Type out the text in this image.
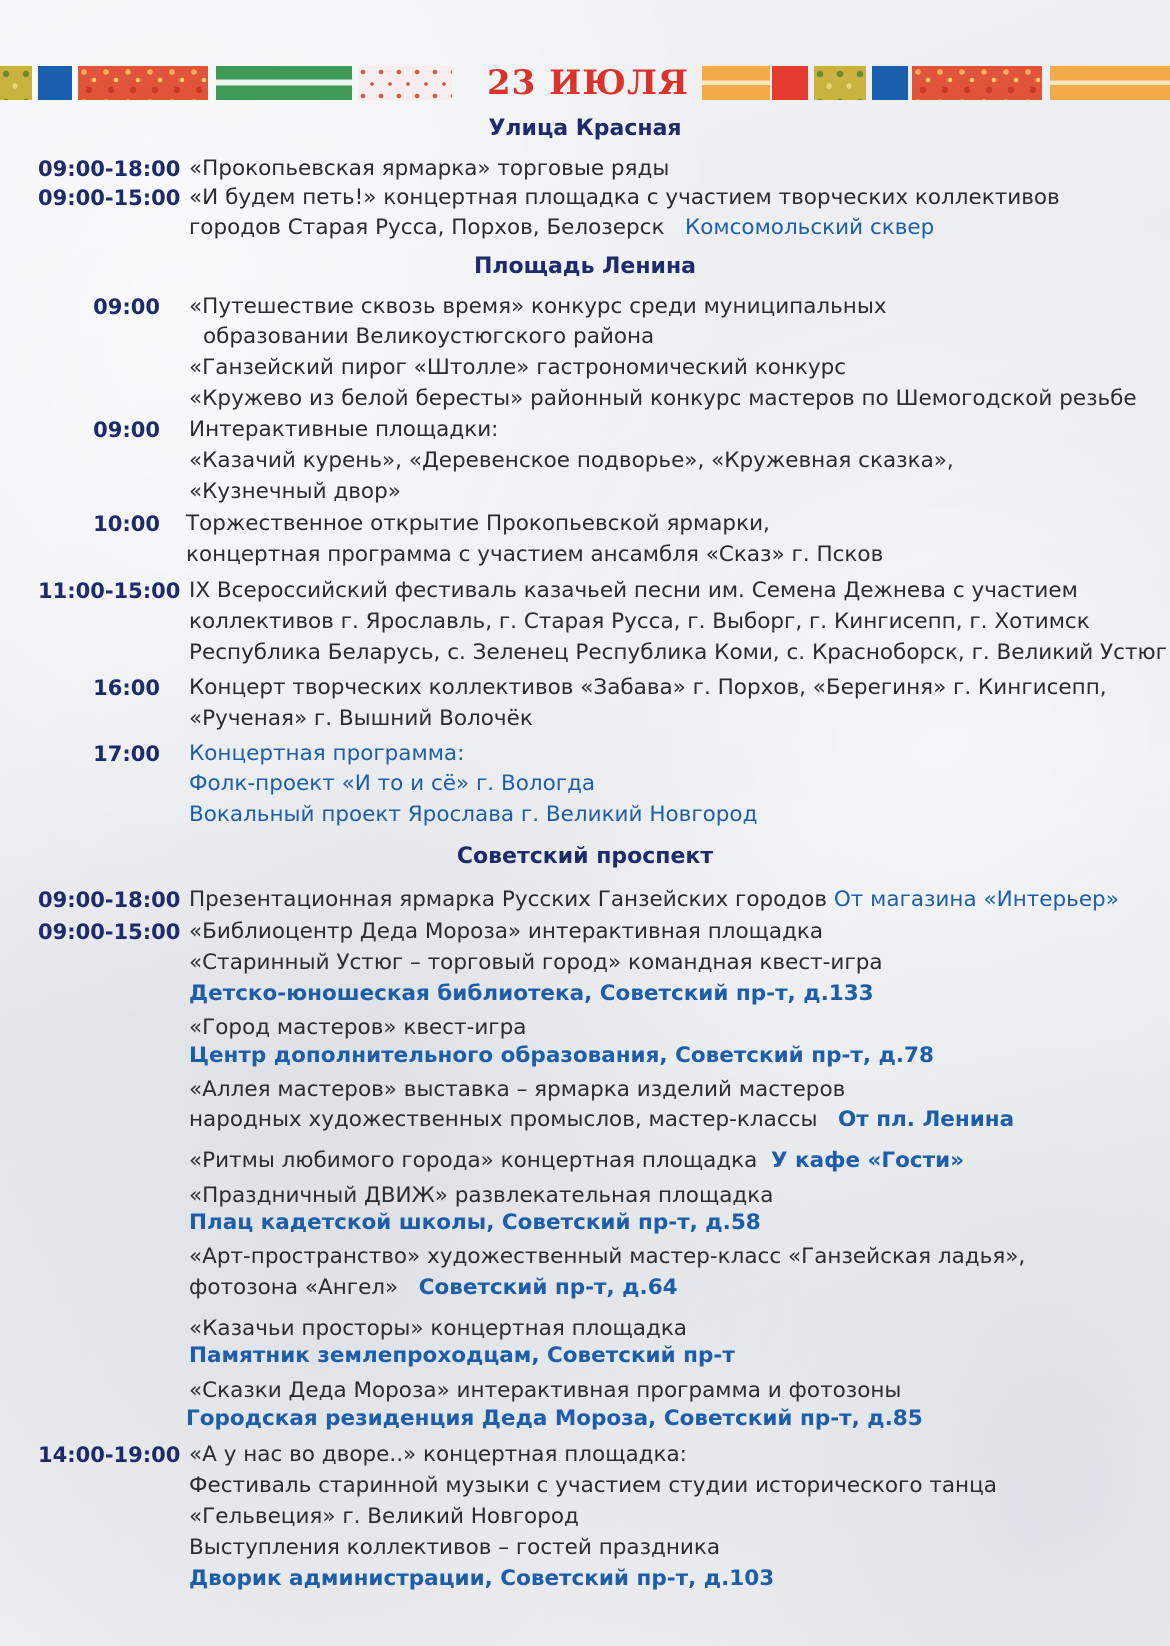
23 ИЮЛЯ
Улица Красная
09:00-18:00 «Прокопьевская ярмарка» торговые ряды
09:00-15:00 «И будем петь!» концертная площадка с участием творческих коллективов
городов Старая Русса, Порхов, Белозерск Комсомольский сквер
Площадь Ленина
09:00 «Путешествие сквозь время» конкурс среди муниципальных
образовании Великоустюгского района
«Ганзейский пирог «Штолле» гастрономический конкурс
«Кружево из белой бересты» районный конкурс мастеров по Шемогодской резьбе
09:00 Интерактивные площадки:
«Казачий курень», «Деревенское подворье», «Кружевная сказка»,
«Кузнечный двор»
10:00 Торжественное открытие Прокопьевской ярмарки,
концертная программа с участием ансамбля «Сказ» г. Псков
11:00-15:00 IX Всероссийский фестиваль казачьей песни им. Семена Дежнева с участием
коллективов г. Ярославль, г. Старая Русса, г. Выборг, г. Кингисепп, г. Хотимск
Республика Беларусь, с. Зеленец Республика Коми, с. Красноборск, г. Великий Устюг
16:00 Концерт творческих коллективов «Забава» г. Порхов, «Берегиня» г. Кингисепп,
«Рученая» г. Вышний Волочёк
17:00 Концертная программа:
Фолк-проект «И то и сё» г. Вологда
Вокальный проект Ярослава г. Великий Новгород
Советский проспект
09:00-18:00 Презентационная ярмарка Русских Ганзейских городов От магазина «Интерьер»
09:00-15:00 «Библиоцентр Деда Мороза» интерактивная площадка
«Старинный Устюг – торговый город» командная квест-игра
Детско-юношеская библиотека, Советский пр-т, д.133
«Город мастеров» квест-игра
Центр дополнительного образования, Советский пр-т, д.78
«Аллея мастеров» выставка – ярмарка изделий мастеров
народных художественных промыслов, мастер-классы От пл. Ленина
«Ритмы любимого города» концертная площадка У кафе «Гости»
«Праздничный ДВИЖ» развлекательная площадка
Плац кадетской школы, Советский пр-т, д.58
«Арт-пространство» художественный мастер-класс «Ганзейская ладья»,
фотозона «Ангел» Советский пр-т, д.64
«Казачьи просторы» концертная площадка
Памятник землепроходцам, Советский пр-т
«Сказки Деда Мороза» интерактивная программа и фотозоны
Городская резиденция Деда Мороза, Советский пр-т, д.85
14:00-19:00 «А у нас во дворе..» концертная площадка:
Фестиваль старинной музыки с участием студии исторического танца
«Гельвеция» г. Великий Новгород
Выступления коллективов – гостей праздника
Дворик администрации, Советский пр-т, д.103
